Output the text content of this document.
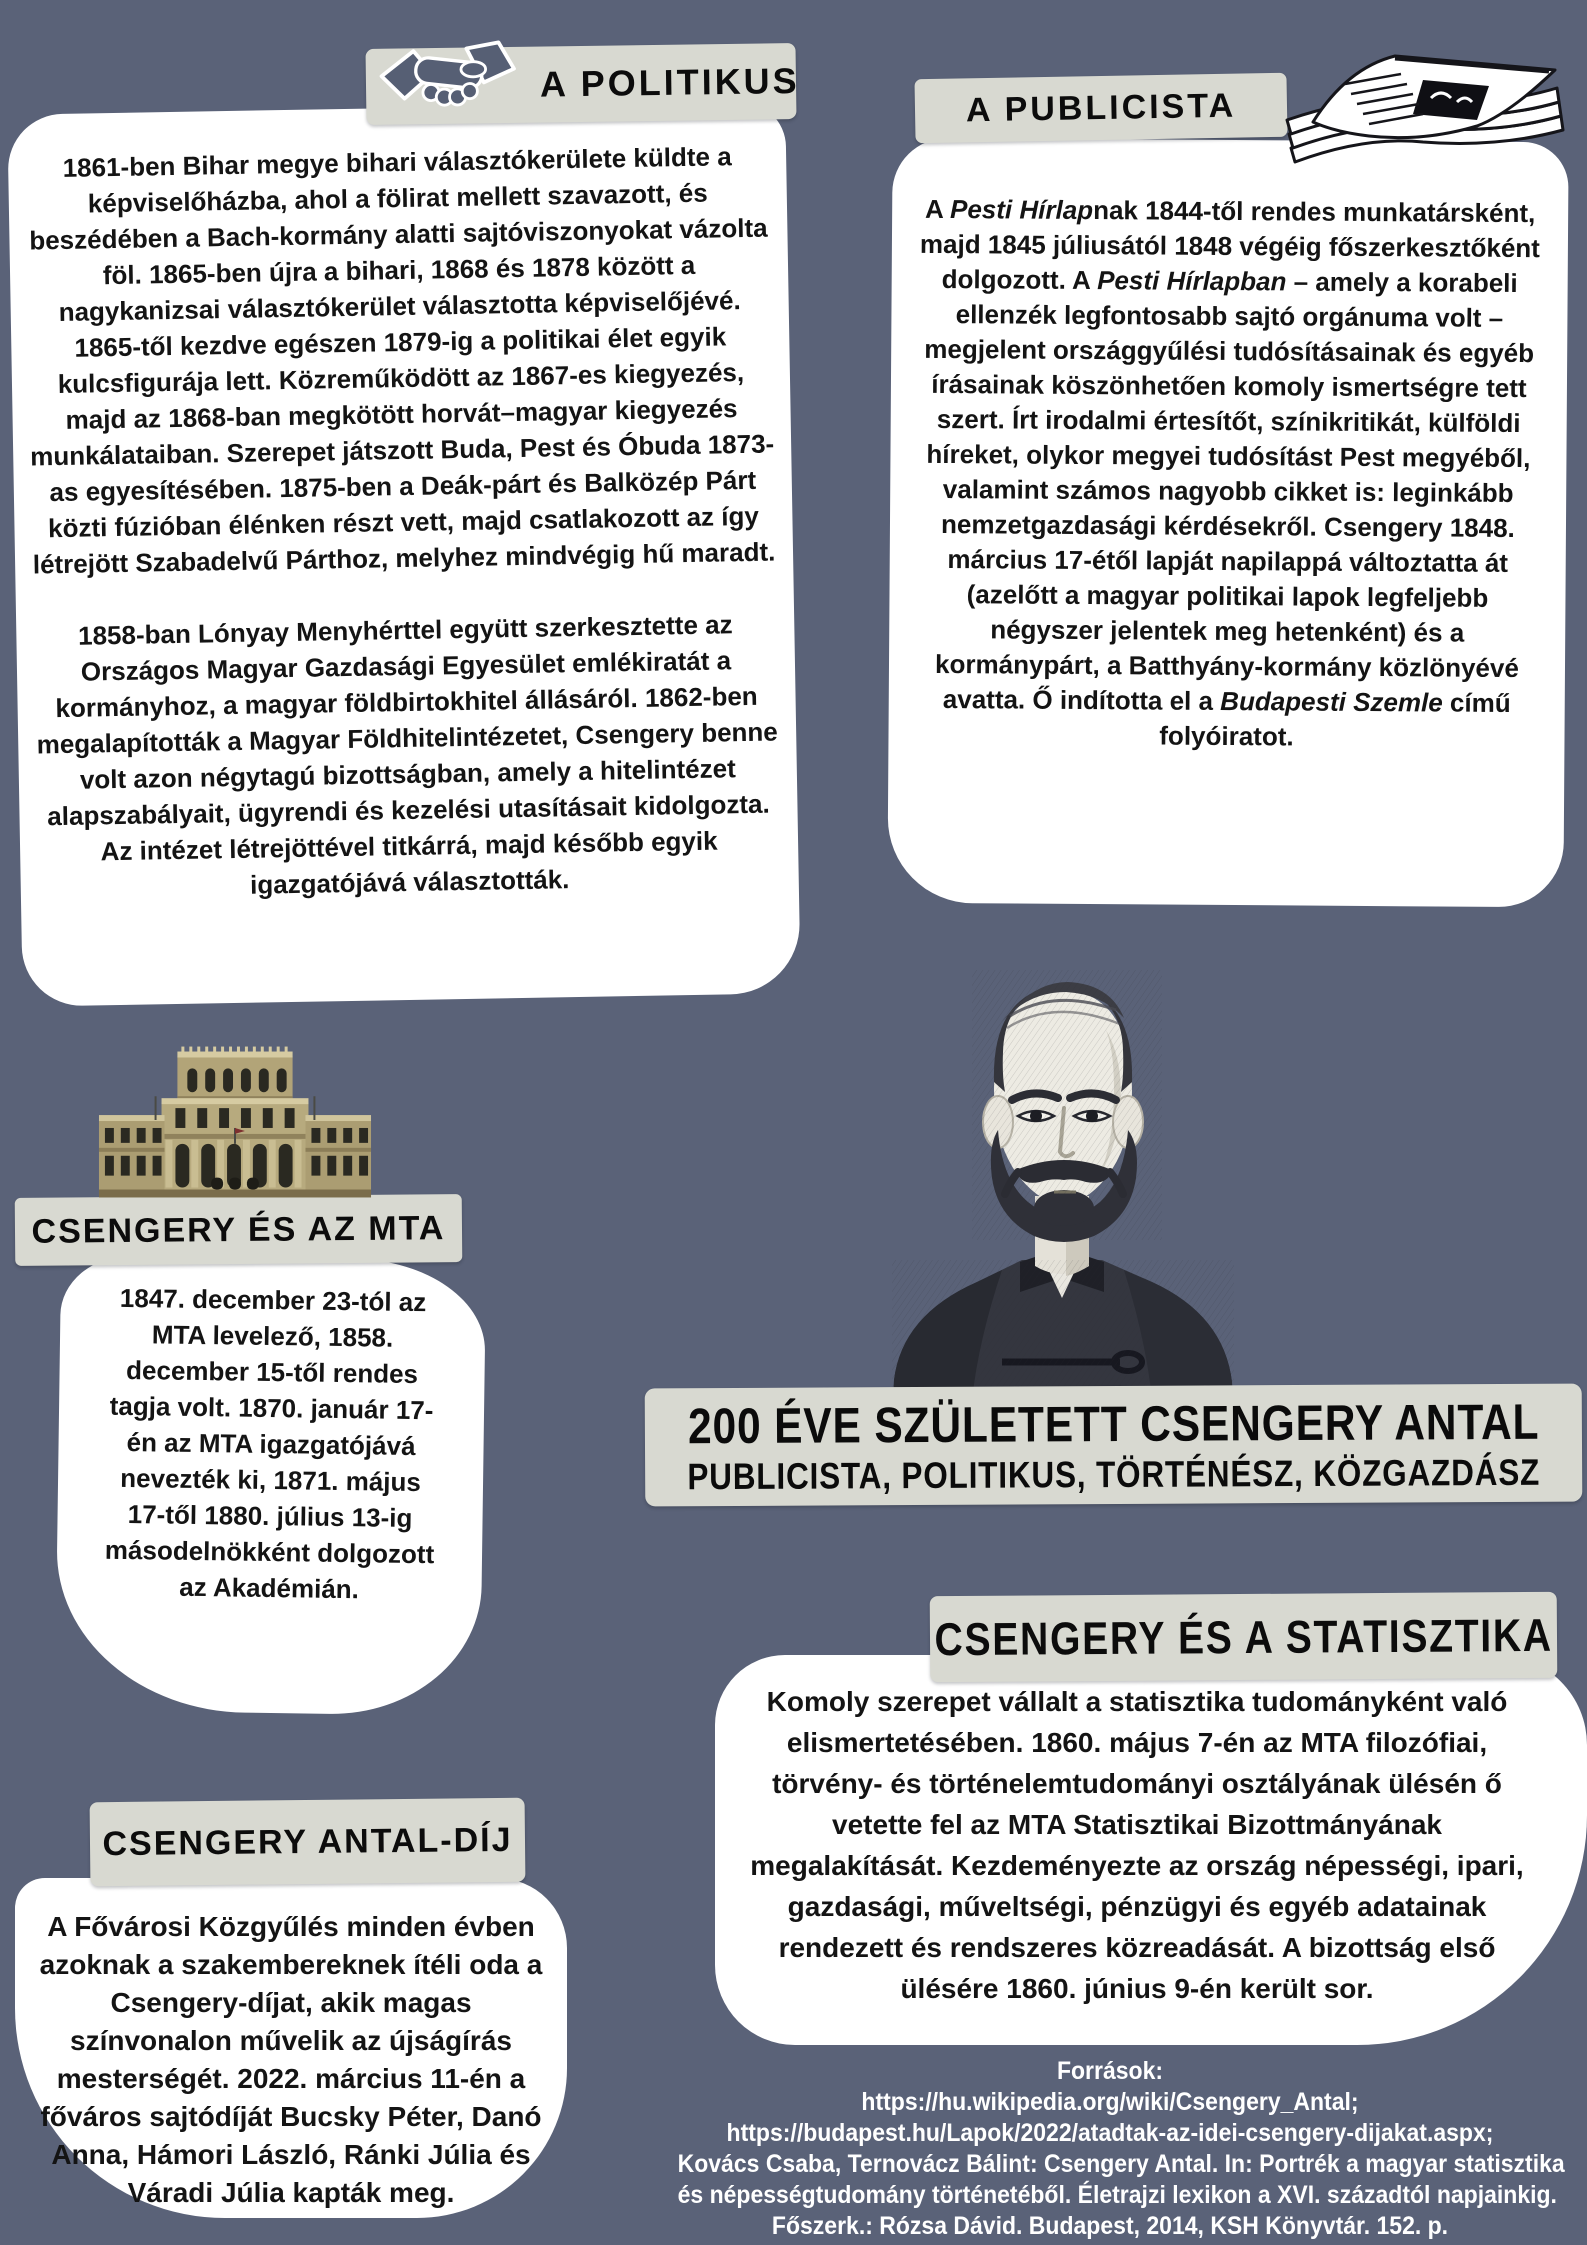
1861-ben Bihar megye bihari választókerülete küldte a képviselőházba, ahol a fölirat mellett szavazott, és beszédében a Bach-kormány alatti sajtóviszonyokat vázolta föl. 1865-ben újra a bihari, 1868 és 1878 között a nagykanizsai választókerület választotta képviselőjévé. 1865-től kezdve egészen 1879-ig a politikai élet egyik kulcsfigurája lett. Közreműködött az 1867-es kiegyezés, majd az 1868-ban megkötött horvát–magyar kiegyezés munkálataiban. Szerepet játszott Buda, Pest és Óbuda 1873-as egyesítésében. 1875-ben a Deák-párt és Balközép Párt közti fúzióban élénken részt vett, majd csatlakozott az így létrejött Szabadelvű Párthoz, melyhez mindvégig hű maradt.

1858-ban Lónyay Menyhérttel együtt szerkesztette az Országos Magyar Gazdasági Egyesület emlékiratát a kormányhoz, a magyar földbirtokhitel állásáról. 1862-ben megalapították a Magyar Földhitelintézetet, Csengery benne volt azon négytagú bizottságban, amely a hitelintézet alapszabályait, ügyrendi és kezelési utasításait kidolgozta. Az intézet létrejöttével titkárrá, majd később egyik igazgatójává választották.

A POLITIKUS
A Pesti Hírlapnak 1844-től rendes munkatársként, majd 1845 júliusától 1848 végéig főszerkesztőként dolgozott. A Pesti Hírlapban – amely a korabeli ellenzék legfontosabb sajtó orgánuma volt – megjelent országgyűlési tudósításainak és egyéb írásainak köszönhetően komoly ismertségre tett szert. Írt irodalmi értesítőt, színikritikát, külföldi híreket, olykor megyei tudósítást Pest megyéből, valamint számos nagyobb cikket is: leginkább nemzetgazdasági kérdésekről. Csengery 1848. március 17-étől lapját napilappá változtatta át (azelőtt a magyar politikai lapok legfeljebb négyszer jelentek meg hetenként) és a kormánypárt, a Batthyány-kormány közlönyévé avatta. Ő indította el a Budapesti Szemle című folyóiratot.
A PUBLICISTA
CSENGERY ÉS AZ MTA
1847. december 23-tól az MTA levelező, 1858. december 15-től rendes tagja volt. 1870. január 17-én az MTA igazgatójává nevezték ki, 1871. május 17-től 1880. július 13-ig másodelnökként dolgozott az Akadémián.
200 ÉVE SZÜLETETT CSENGERY ANTAL
PUBLICISTA, POLITIKUS, TÖRTÉNÉSZ, KÖZGAZDÁSZ
Komoly szerepet vállalt a statisztika tudományként való elismertetésében. 1860. május 7-én az MTA filozófiai, törvény- és történelemtudományi osztályának ülésén ő vetette fel az MTA Statisztikai Bizottmányának megalakítását. Kezdeményezte az ország népességi, ipari, gazdasági, műveltségi, pénzügyi és egyéb adatainak rendezett és rendszeres közreadását. A bizottság első ülésére 1860. június 9-én került sor.
CSENGERY ÉS A STATISZTIKA
A Fővárosi Közgyűlés minden évben azoknak a szakembereknek ítéli oda a Csengery-díjat, akik magas színvonalon művelik az újságírás mesterségét. 2022. március 11-én a főváros sajtódíját Bucsky Péter, Danó Anna, Hámori László, Ránki Júlia és Váradi Júlia kapták meg.
CSENGERY ANTAL-DÍJ
Források:
https://hu.wikipedia.org/wiki/Csengery_Antal;
https://budapest.hu/Lapok/2022/atadtak-az-idei-csengery-dijakat.aspx;
Kovács Csaba, Ternovácz Bálint: Csengery Antal. In: Portrék a magyar statisztika
és népességtudomány történetéből. Életrajzi lexikon a XVI. századtól napjainkig.
Főszerk.: Rózsa Dávid. Budapest, 2014, KSH Könyvtár. 152. p.
